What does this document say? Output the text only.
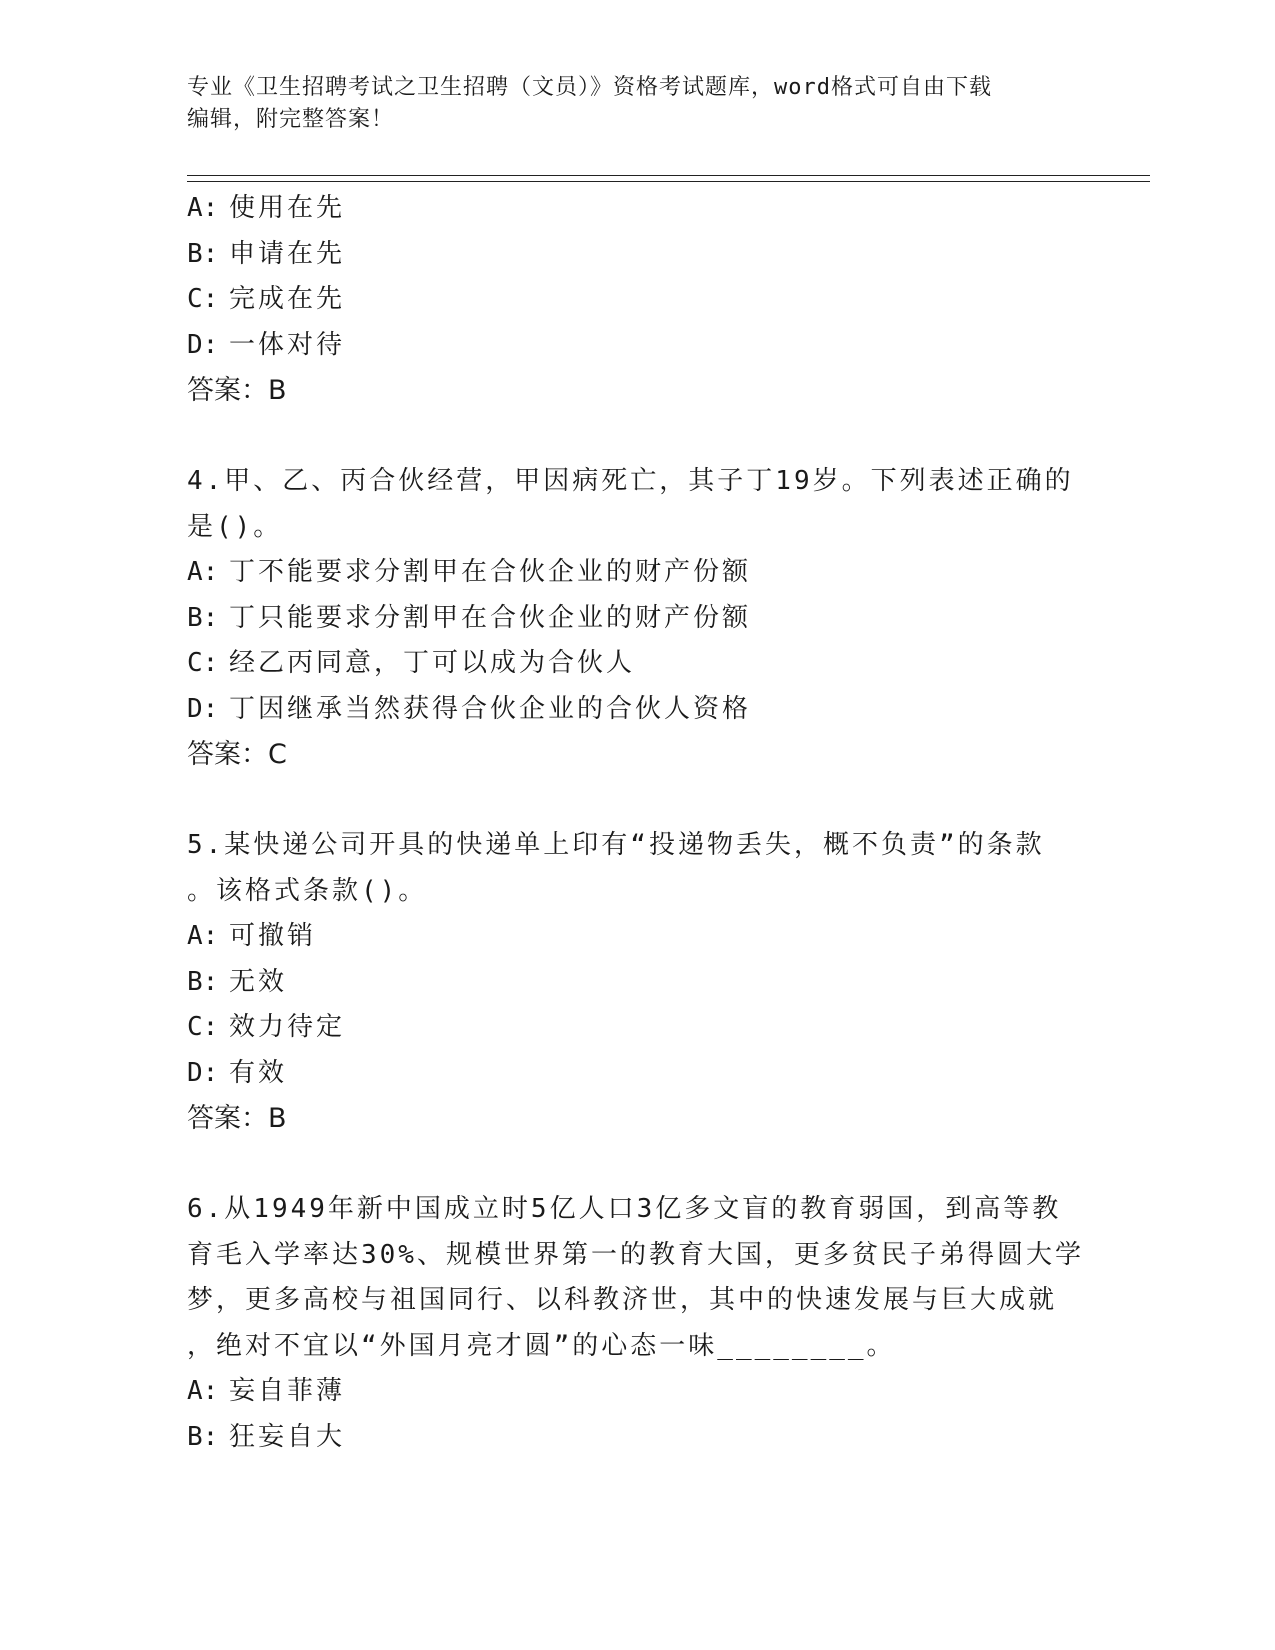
专业《卫生招聘考试之卫生招聘（文员）》资格考试题库，word格式可自由下载
编辑，附完整答案！
A: 使用在先
B: 申请在先
C: 完成在先
D: 一体对待
答案：B
4.甲、乙、丙合伙经营，甲因病死亡，其子丁19岁。下列表述正确的
是()。
A: 丁不能要求分割甲在合伙企业的财产份额
B: 丁只能要求分割甲在合伙企业的财产份额
C: 经乙丙同意，丁可以成为合伙人
D: 丁因继承当然获得合伙企业的合伙人资格
答案：C
5.某快递公司开具的快递单上印有“投递物丢失，概不负责”的条款
。该格式条款()。
A: 可撤销
B: 无效
C: 效力待定
D: 有效
答案：B
6.从1949年新中国成立时5亿人口3亿多文盲的教育弱国，到高等教
育毛入学率达30%、规模世界第一的教育大国，更多贫民子弟得圆大学
梦，更多高校与祖国同行、以科教济世，其中的快速发展与巨大成就
，绝对不宜以“外国月亮才圆”的心态一味________。
A: 妄自菲薄
B: 狂妄自大
